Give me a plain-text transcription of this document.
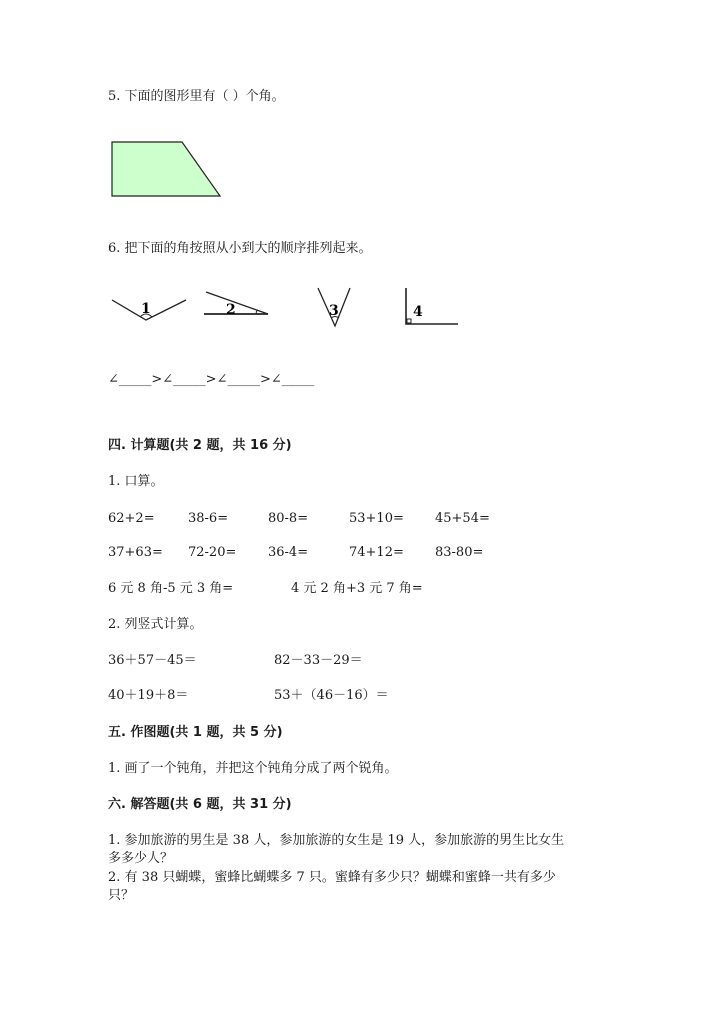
5. 下面的图形里有（ ）个角。
6. 把下面的角按照从小到大的顺序排列起来。
1	2	3	4
∠_____>∠_____>∠_____>∠_____
四. 计算题(共 2 题，共 16 分)
1. 口算。
62+2=	38-6=	80-8=	53+10= 45+54=
37+63= 72-20= 36-4=	74+12= 83-80=
6 元 8 角-5 元 3 角=	4 元 2 角+3 元 7 角=
2. 列竖式计算。
36＋57－45＝	82－33－29＝
40＋19＋8＝	53＋（46－16）＝
五. 作图题(共 1 题，共 5 分)
1. 画了一个钝角，并把这个钝角分成了两个锐角。
六. 解答题(共 6 题，共 31 分)
1. 参加旅游的男生是 38 人，参加旅游的女生是 19 人，参加旅游的男生比女生
多多少人？
2. 有 38 只蝴蝶，蜜蜂比蝴蝶多 7 只。蜜蜂有多少只？蝴蝶和蜜蜂一共有多少
只？
